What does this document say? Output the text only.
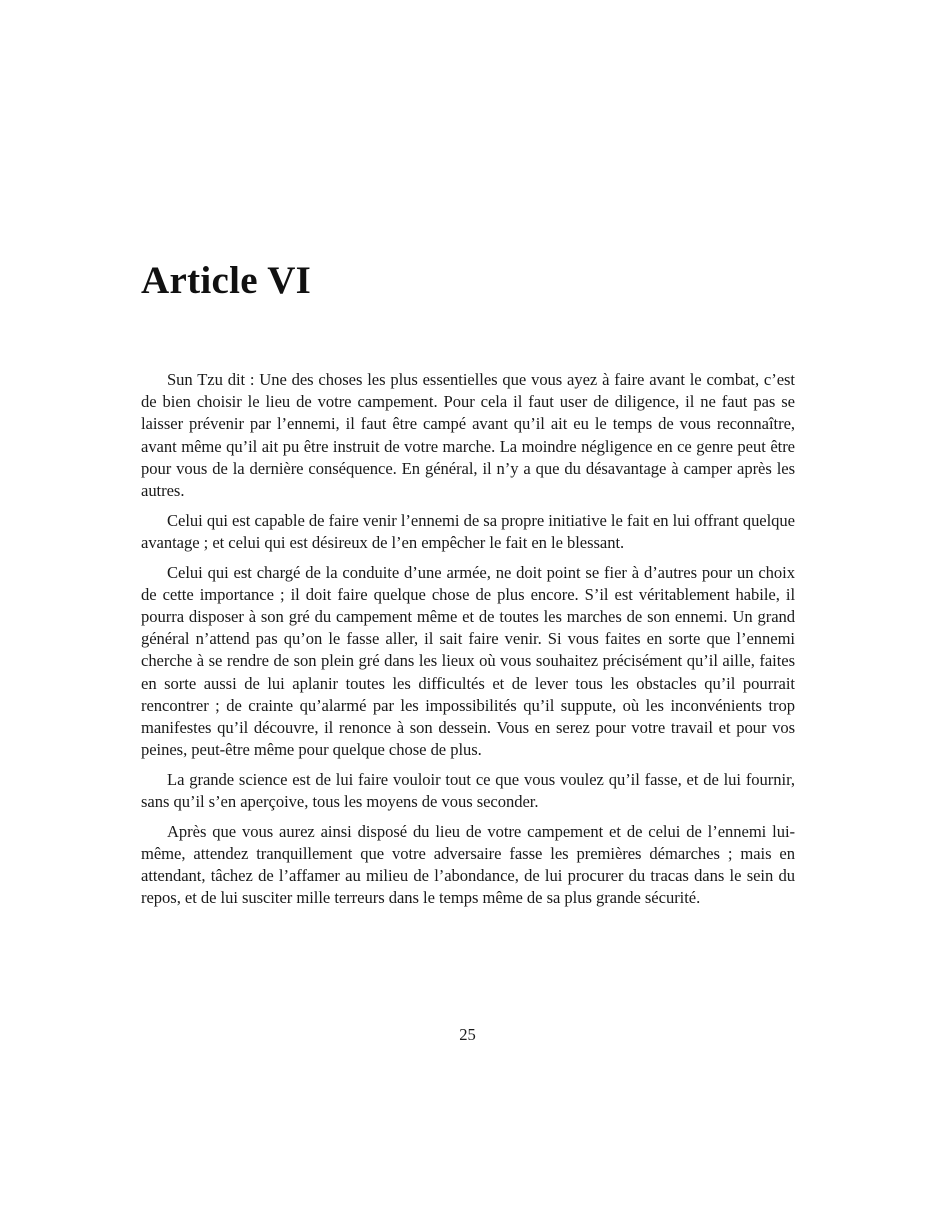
Article VI

Sun Tzu dit : Une des choses les plus essentielles que vous ayez à faire avant le combat, c’est de bien choisir le lieu de votre campement. Pour cela il faut user de diligence, il ne faut pas se laisser prévenir par l’ennemi, il faut être campé avant qu’il ait eu le temps de vous reconnaître, avant même qu’il ait pu être instruit de votre marche. La moindre négligence en ce genre peut être pour vous de la dernière conséquence. En général, il n’y a que du désavantage à camper après les autres.

Celui qui est capable de faire venir l’ennemi de sa propre initiative le fait en lui offrant quelque avantage ; et celui qui est désireux de l’en empêcher le fait en le blessant.

Celui qui est chargé de la conduite d’une armée, ne doit point se fier à d’autres pour un choix de cette importance ; il doit faire quelque chose de plus encore. S’il est véritablement habile, il pourra disposer à son gré du campement même et de toutes les marches de son ennemi. Un grand général n’attend pas qu’on le fasse aller, il sait faire venir. Si vous faites en sorte que l’ennemi cherche à se rendre de son plein gré dans les lieux où vous souhaitez précisément qu’il aille, faites en sorte aussi de lui aplanir toutes les difficultés et de lever tous les obstacles qu’il pourrait rencontrer ; de crainte qu’alarmé par les impossibilités qu’il suppute, où les inconvénients trop manifestes qu’il découvre, il renonce à son dessein. Vous en serez pour votre travail et pour vos peines, peut-être même pour quelque chose de plus.

La grande science est de lui faire vouloir tout ce que vous voulez qu’il fasse, et de lui fournir, sans qu’il s’en aperçoive, tous les moyens de vous seconder.

Après que vous aurez ainsi disposé du lieu de votre campement et de celui de l’ennemi lui-même, attendez tranquillement que votre adversaire fasse les premières démarches ; mais en attendant, tâchez de l’affamer au milieu de l’abondance, de lui procurer du tracas dans le sein du repos, et de lui susciter mille terreurs dans le temps même de sa plus grande sécurité.

25
